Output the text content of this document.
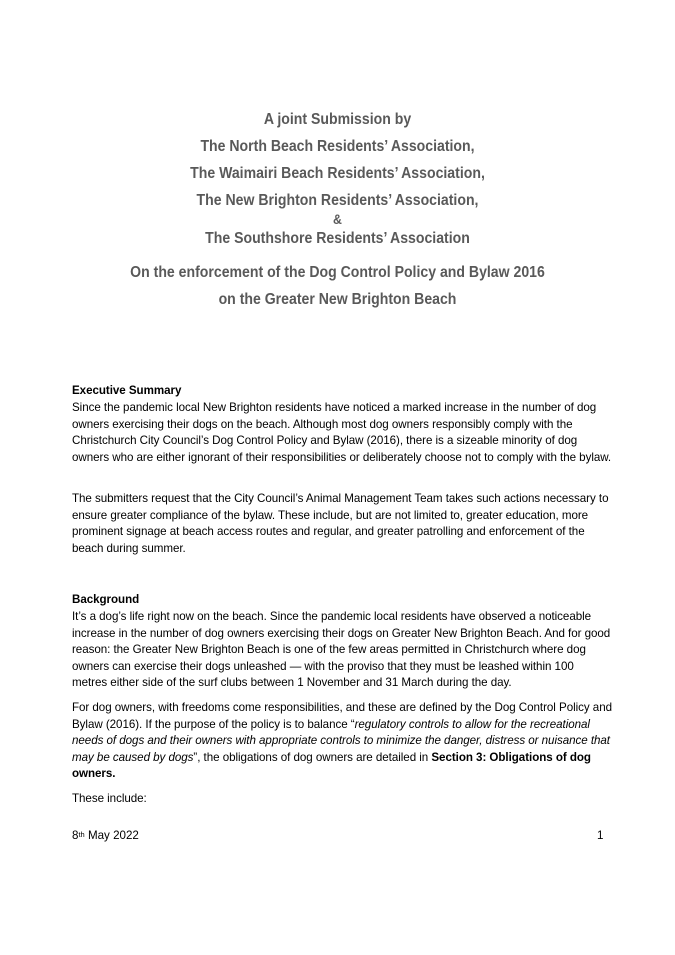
A joint Submission by

The North Beach Residents’ Association,

The Waimairi Beach Residents’ Association,

The New Brighton Residents’ Association,

&

The Southshore Residents’ Association

On the enforcement of the Dog Control Policy and Bylaw 2016

on the Greater New Brighton Beach

Executive Summary

Since the pandemic local New Brighton residents have noticed a marked increase in the number of dog owners exercising their dogs on the beach. Although most dog owners responsibly comply with the Christchurch City Council’s Dog Control Policy and Bylaw (2016), there is a sizeable minority of dog owners who are either ignorant of their responsibilities or deliberately choose not to comply with the bylaw.

The submitters request that the City Council’s Animal Management Team takes such actions necessary to ensure greater compliance of the bylaw. These include, but are not limited to, greater education, more prominent signage at beach access routes and regular, and greater patrolling and enforcement of the beach during summer.

Background

It’s a dog’s life right now on the beach. Since the pandemic local residents have observed a noticeable increase in the number of dog owners exercising their dogs on Greater New Brighton Beach. And for good reason: the Greater New Brighton Beach is one of the few areas permitted in Christchurch where dog owners can exercise their dogs unleashed — with the proviso that they must be leashed within 100 metres either side of the surf clubs between 1 November and 31 March during the day.

For dog owners, with freedoms come responsibilities, and these are defined by the Dog Control Policy and Bylaw (2016). If the purpose of the policy is to balance “regulatory controls to allow for the recreational needs of dogs and their owners with appropriate controls to minimize the danger, distress or nuisance that may be caused by dogs”, the obligations of dog owners are detailed in Section 3: Obligations of dog owners.

These include:

8th May 2022	1
